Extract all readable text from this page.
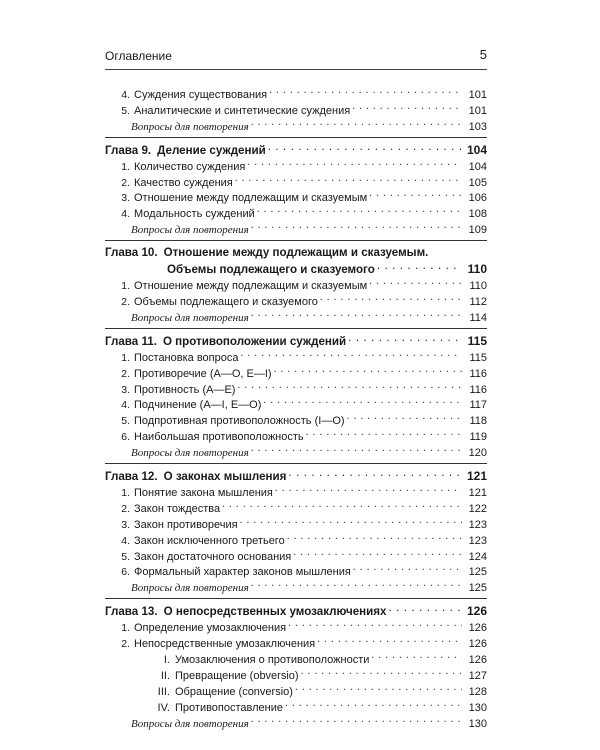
Оглавление	5
4. Суждения существования . . .	101
5. Аналитические и синтетические суждения . . .	101
Вопросы для повторения . . .	103
Глава 9. Деление суждений . . .	104
1. Количество суждения . . .	104
2. Качество суждения . . .	105
3. Отношение между подлежащим и сказуемым . . .	106
4. Модальность суждений . . .	108
Вопросы для повторения . . .	109
Глава 10. Отношение между подлежащим и сказуемым.
Объемы подлежащего и сказуемого . . .	110
1. Отношение между подлежащим и сказуемым . . .	110
2. Объемы подлежащего и сказуемого . . .	112
Вопросы для повторения . . .	114
Глава 11. О противоположении суждений . . .	115
1. Постановка вопроса . . .	115
2. Противоречие (А—О, Е—I) . . .	116
3. Противность (А—Е) . . .	116
4. Подчинение (А—I, Е—О) . . .	117
5. Подпротивная противоположность (I—О) . . .	118
6. Наибольшая противоположность . . .	119
Вопросы для повторения . . .	120
Глава 12. О законах мышления . . .	121
1. Понятие закона мышления . . .	121
2. Закон тождества . . .	122
3. Закон противоречия . . .	123
4. Закон исключенного третьего . . .	123
5. Закон достаточного основания . . .	124
6. Формальный характер законов мышления . . .	125
Вопросы для повторения . . .	125
Глава 13. О непосредственных умозаключениях . . .	126
1. Определение умозаключения . . .	126
2. Непосредственные умозаключения . . .	126
I. Умозаключения о противоположности . . .	126
II. Превращение (obversio) . . .	127
III. Обращение (conversio) . . .	128
IV. Противопоставление . . .	130
Вопросы для повторения . . .	130
